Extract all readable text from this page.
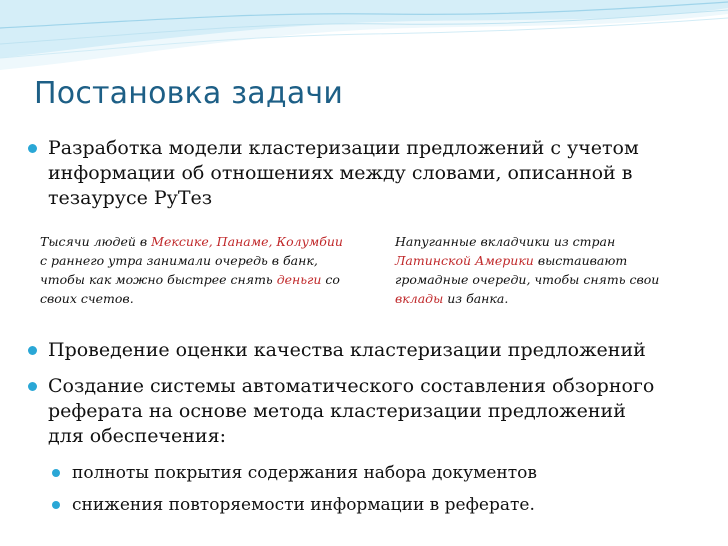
Постановка задачи
Разработка модели кластеризации предложений с учетом
информации об отношениях между словами, описанной в
тезаурусе РуТез
Тысячи людей в Мексике, Панаме, Колумбии
с раннего утра занимали очередь в банк,
чтобы как можно быстрее снять деньги со
своих счетов.
Напуганные вкладчики из стран
Латинской Америки выстаивают
громадные очереди, чтобы снять свои
вклады из банка.
Проведение оценки качества кластеризации предложений
Создание системы автоматического составления обзорного
реферата на основе метода кластеризации предложений
для обеспечения:
полноты покрытия содержания набора документов
снижения повторяемости информации в реферате.
